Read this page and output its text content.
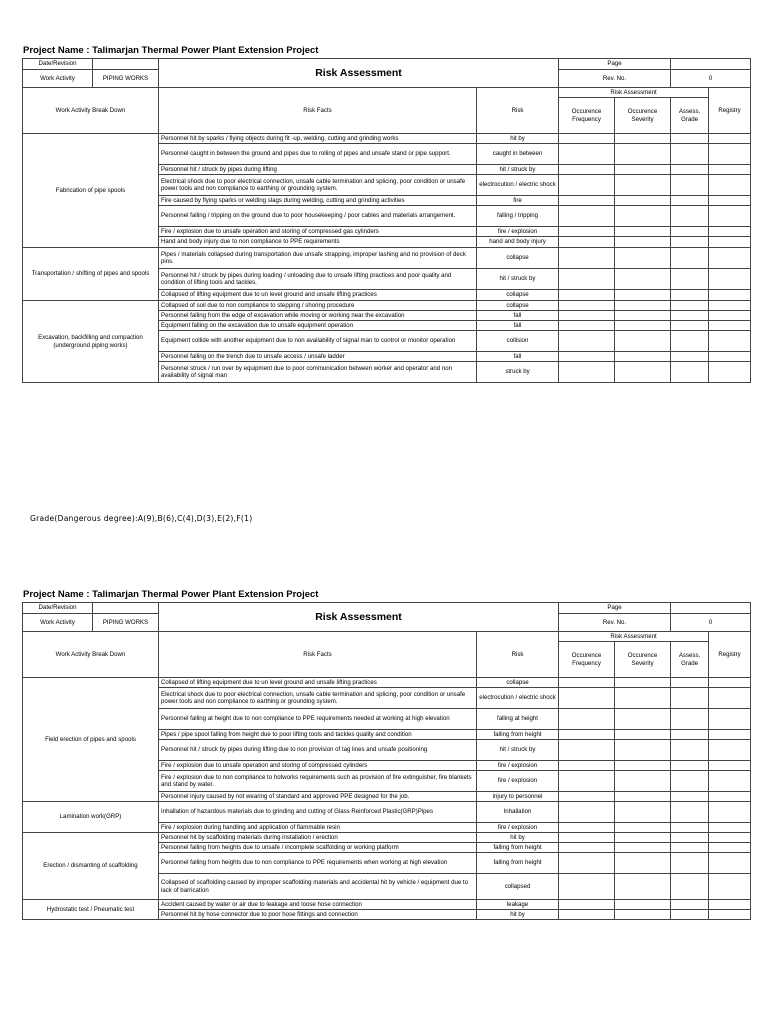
Project Name : Talimarjan Thermal Power Plant Extension Project
Date/Revision		Risk Assessment		Page			
Work Activity	PIPING WORKS			Rev. No.		0	
Work Activity Break Down		Risk Facts	Risk	Risk Assessment			Registry
				Occurence Frequency	Occurence Severity	Assess. Grade	
Fabrication of pipe spools		Personnel hit by sparks / flying objects during fit -up, welding, cutting and grinding works	hit by				
		Personnel caught in between the ground and pipes due to rolling of pipes and unsafe stand or pipe support.	caught in between				
		Personnel hit / struck by pipes during lifting	hit / struck by				
		Electrical shock due to poor electrical connection, unsafe cable termination and splicing, poor condition or unsafe power tools and non compliance to earthing or grounding system.	electrocution / electric shock				
		Fire caused by flying sparks or welding slags during welding, cutting and grinding activities	fire				
		Personnel falling / tripping on the ground due to poor housekeeping / poor cables and materials arrangement.	falling / tripping				
		Fire / explosion due to unsafe operation and storing of compressed gas cylinders	fire / explosion				
		Hand and body injury due to non compliance to PPE requirements	hand and body injury				
Transportation / shifting of pipes and spools		Pipes / materials collapsed during transportation due unsafe strapping, improper lashing and no provision of deck pins.	collapse				
		Personnel hit / struck by pipes during loading / unloading due to unsafe lifting practices and poor quality and condition of lifting tools and tackles.	hit / struck by				
		Collapsed of lifting equipment due to un level ground and unsafe lifting practices	collapse				
Excavation, backfilling and compaction (underground piping works)		Collapsed of soil due to non compliance to stepping / shoring procedure	collapse				
		Personnel falling from the edge of excavation while moving or working near the excavation	fall				
		Equipment falling on the excavation due to unsafe equipment operation	fall				
		Equipment collide with another equipment due to non availability of signal man to control or monitor operation	collision				
		Personnel falling on the trench due to unsafe access / unsafe ladder	fall				
		Personnel struck / run over by equipment due to poor communication between worker and operator and non availability of signal man	struck by				
Grade(Dangerous degree):A(9),B(6),C(4),D(3),E(2),F(1)
Project Name : Talimarjan Thermal Power Plant Extension Project
Date/Revision		Risk Assessment		Page			
Work Activity	PIPING WORKS			Rev. No.		0	
Work Activity Break Down		Risk Facts	Risk	Risk Assessment			Registry
				Occurence Frequency	Occurence Severity	Assess. Grade	
Field erection of pipes and spools		Collapsed of lifting equipment due to un level ground and unsafe lifting practices	collapse				
		Electrical shock due to poor electrical connection, unsafe cable termination and splicing, poor condition or unsafe power tools and non compliance to earthing or grounding system.	electrocution / electric shock				
		Personnel falling at height due to non compliance to PPE requirements needed at working at high elevation	falling at height				
		Pipes / pipe spool falling from height due to poor lifting tools and tackles quality and condition	falling from height				
		Personnel hit / struck by pipes during lifting due to non provision of tag lines and unsafe positioning	hit / struck by				
		Fire / explosion due to unsafe operation and storing of compressed cylinders	fire / explosion				
		Fire / explosion due to non compliance to hotworks requirements such as provision of fire extinguisher, fire blankets and stand by water.	fire / explosion				
		Personnel injury caused by not wearing of standard and approved PPE designed for the job.	injury to personnel				
Lamination work(GRP)		Inhallation of hazardous materials due to grinding and cutting of Glass Reinforced Plastic(GRP)Pipes	Inhallation				
		Fire / explosion during handling and application of flammable resin	fire / explosion				
Erection / dismanting of scaffolding		Personnel hit by scaffolding materials during installation / erection	hit by				
		Personnel falling from heights due to unsafe / incomplete scaffolding or working platform	falling from height				
		Personnel falling from heights due to non compliance to PPE requirements when working at high elevation	falling from height				
		Collapsed of scaffolding caused by improper scaffolding materials and accidental hit by vehicle / equipment due to lack of barrication	collapsed				
Hydrostatic test / Pneumatic test		Accident caused by water or air due to leakage and loose hose connection	leakage				
		Personnel hit by hose connector due to poor hose fittings and connection	hit by				
